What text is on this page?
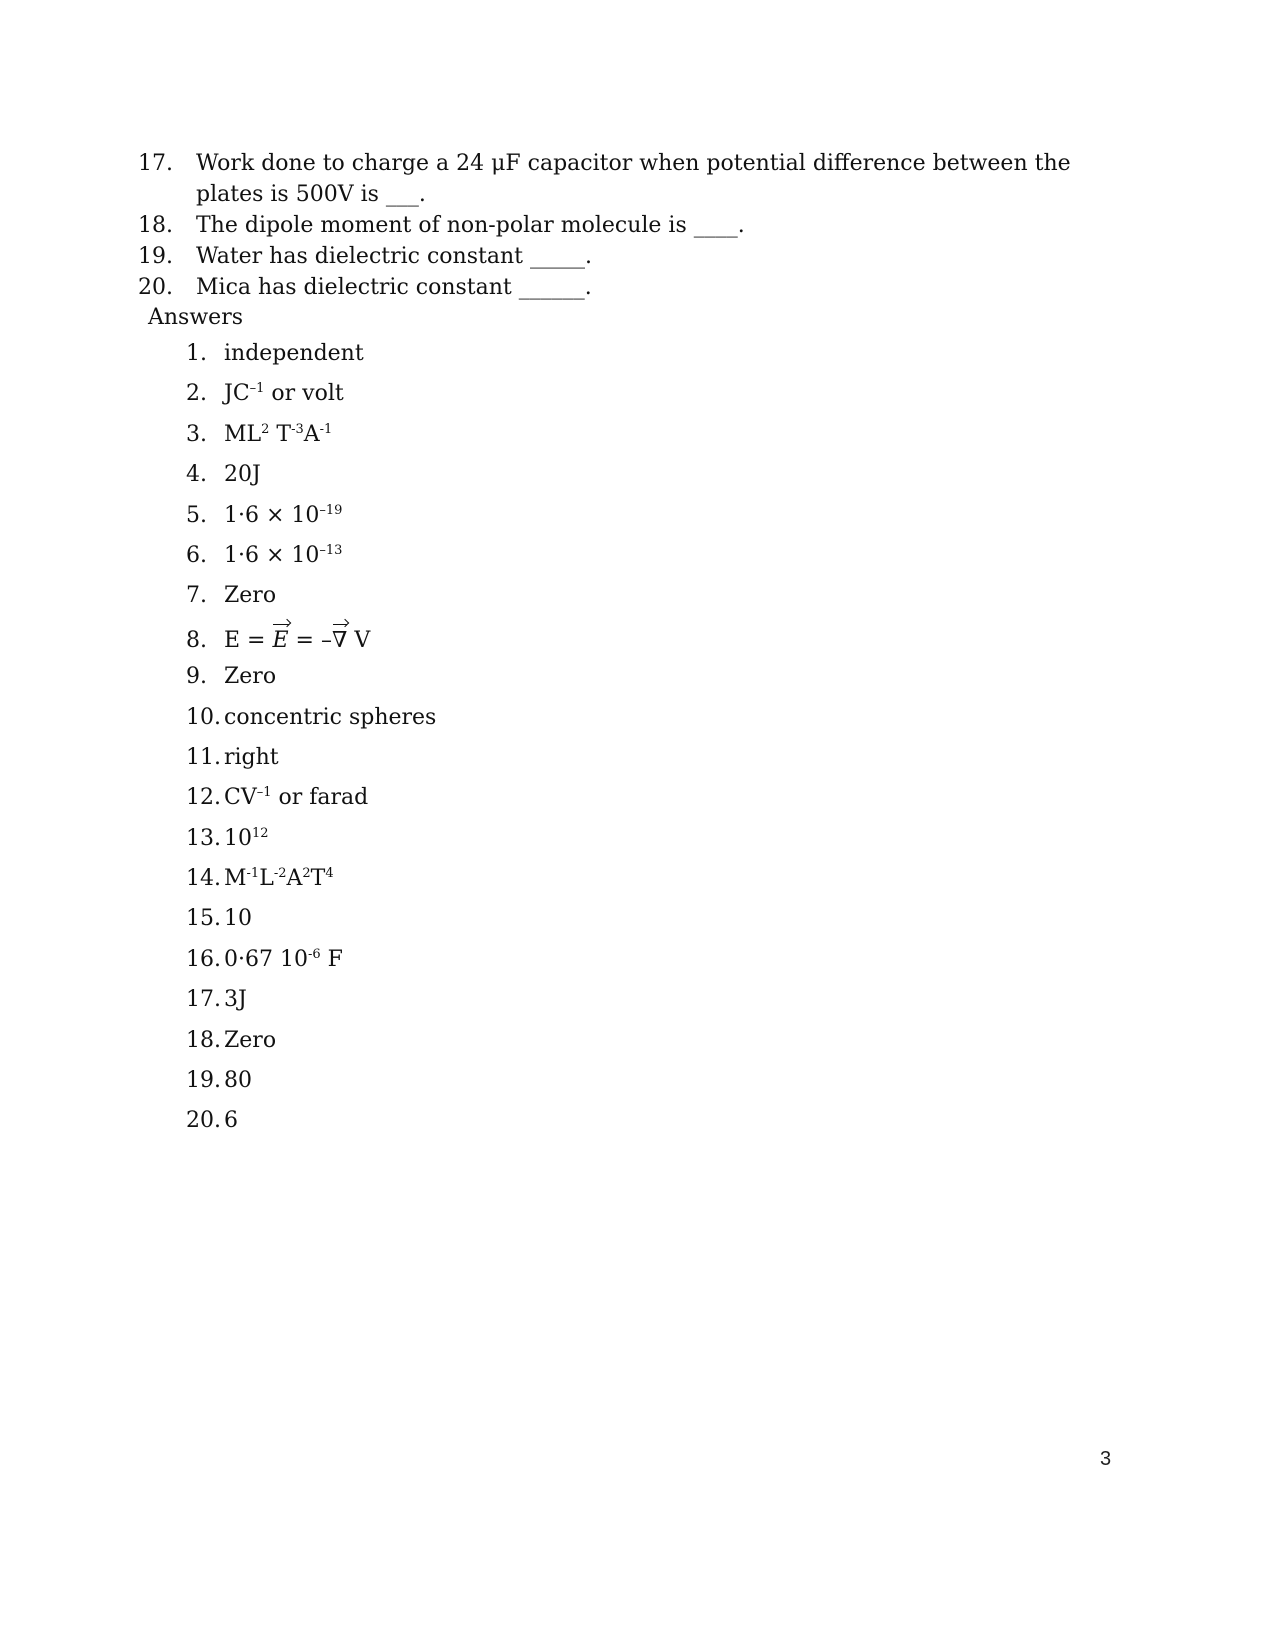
17.	Work done to charge a 24 μF capacitor when potential difference between the
plates is 500V is ___.
18.	The dipole moment of non-polar molecule is ____.
19.	Water has dielectric constant _____.
20.	Mica has dielectric constant ______.
Answers
1. independent
2. $JC^{-1}$ or volt
3. $ML^2$ $T^{-3}A^{-1}$
4. 20J
5. $1\cdot 6 \times 10^{-19}$
6. $1\cdot 6 \times 10^{-13}$
7. Zero
8. E = E = –∇ V
9. Zero
10. concentric spheres
11. right
12. $CV^{-1}$ or farad
13. $10^{12}$
14. $M^{-1}L^{-2}A^2T^4$
15. 10
16. 0·67 $10^{-6}$ F
17. 3J
18. Zero
19. 80
20. 6
3
